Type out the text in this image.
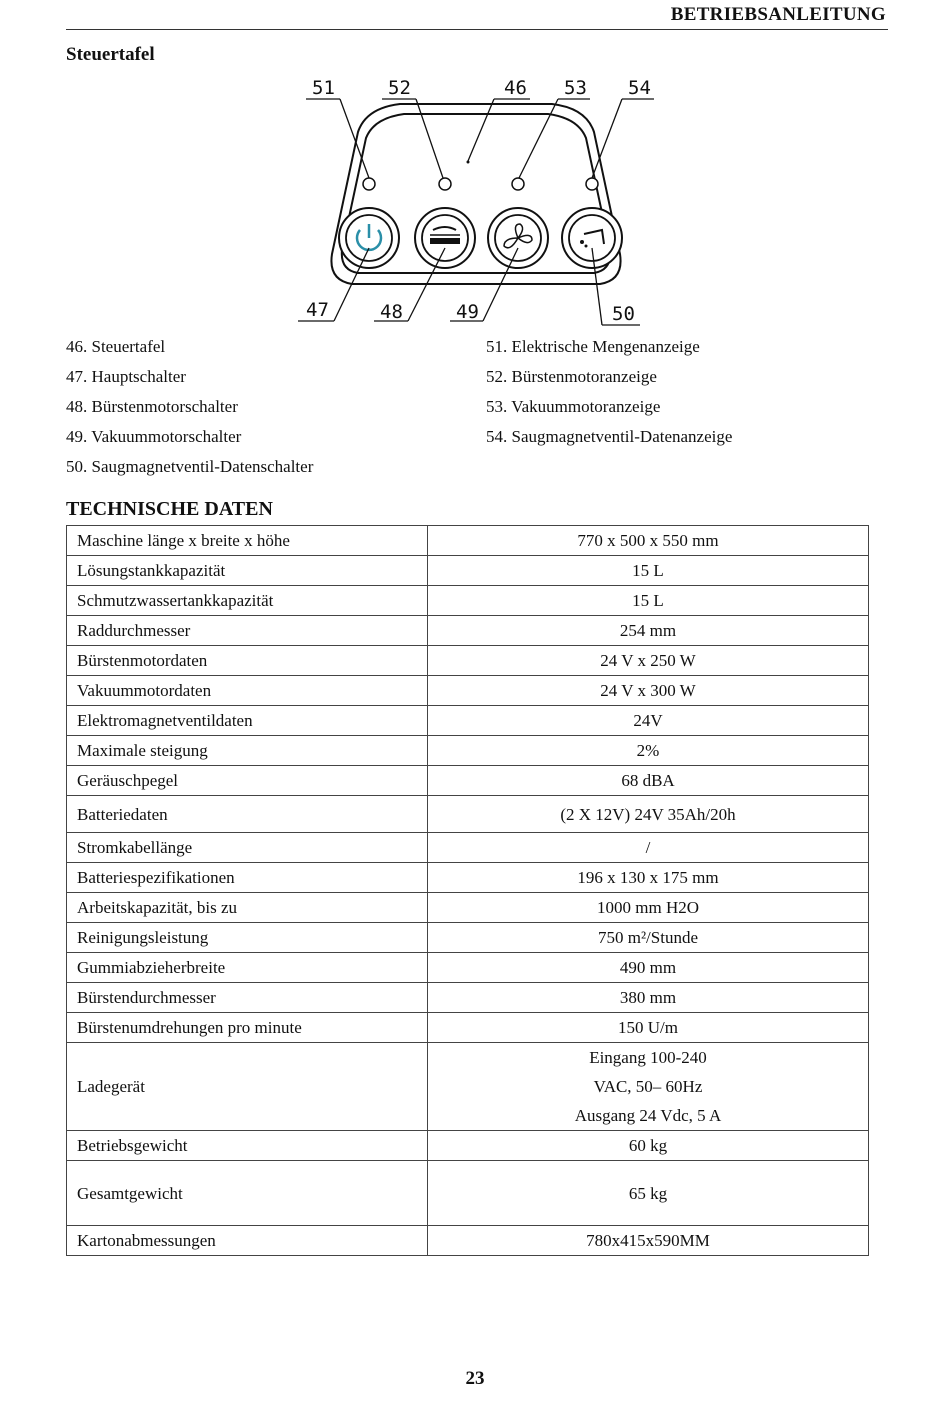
BETRIEBSANLEITUNG
Steuertafel
51	52	46 53 54
47	48	49	50
46. Steuertafel
47. Hauptschalter
48. Bürstenmotorschalter
49. Vakuummotorschalter
50. Saugmagnetventil-Datenschalter
51. Elektrische Mengenanzeige
52. Bürstenmotoranzeige
53. Vakuummotoranzeige
54. Saugmagnetventil-Datenanzeige
TECHNISCHE DATEN
Maschine länge x breite x höhe	770 x 500 x 550 mm
Lösungstankkapazität	15 L
Schmutzwassertankkapazität	15 L
Raddurchmesser	254 mm
Bürstenmotordaten	24 V x 250 W
Vakuummotordaten	24 V x 300 W
Elektromagnetventildaten	24V
Maximale steigung	2%
Geräuschpegel	68 dBA
Batteriedaten	(2 X 12V) 24V 35Ah/20h
Stromkabellänge	/
Batteriespezifikationen	196 x 130 x 175 mm
Arbeitskapazität, bis zu	1000 mm H2O
Reinigungsleistung	750 m²/Stunde
Gummiabzieherbreite	490 mm
Bürstendurchmesser	380 mm
Bürstenumdrehungen pro minute	150 U/m
Ladegerät	Eingang 100-240
VAC, 50– 60Hz
Ausgang 24 Vdc, 5 A

Betriebsgewicht	60 kg
Gesamtgewicht	65 kg
Kartonabmessungen	780x415x590MM
23
